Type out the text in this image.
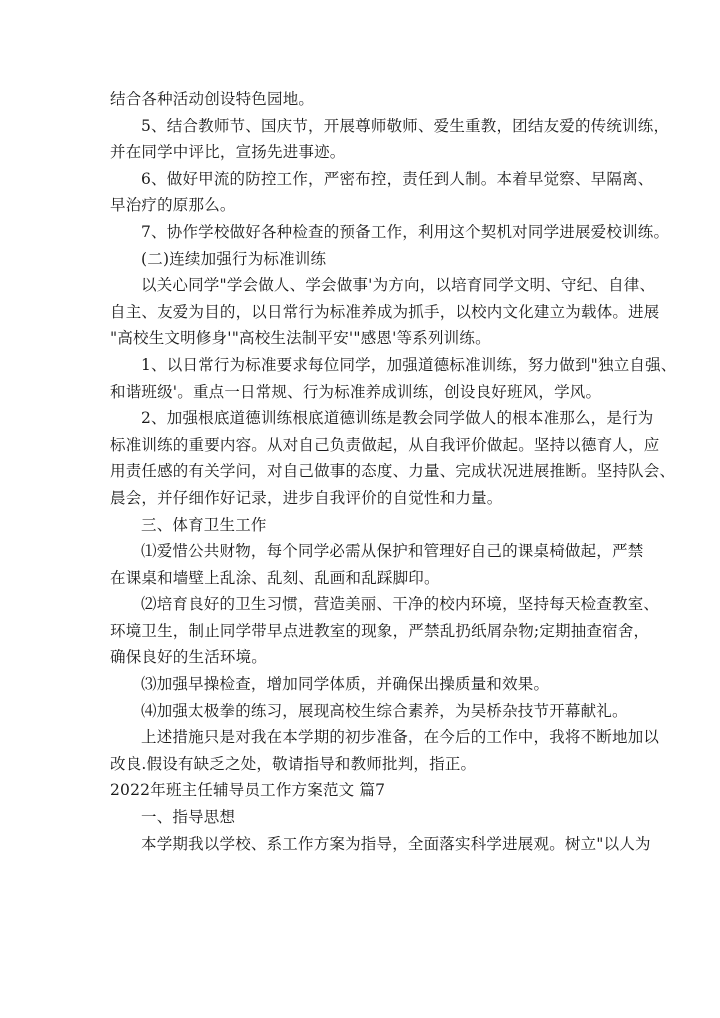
结合各种活动创设特色园地。
5、结合教师节、国庆节，开展尊师敬师、爱生重教，团结友爱的传统训练，
并在同学中评比，宣扬先进事迹。
6、做好甲流的防控工作，严密布控，责任到人制。本着早觉察、早隔离、
早治疗的原那么。
7、协作学校做好各种检查的预备工作，利用这个契机对同学进展爱校训练。
(二)连续加强行为标准训练
以关心同学"学会做人、学会做事'为方向，以培育同学文明、守纪、自律、
自主、友爱为目的，以日常行为标准养成为抓手，以校内文化建立为载体。进展
"高校生文明修身'"高校生法制平安'"感恩'等系列训练。
1、以日常行为标准要求每位同学，加强道德标准训练，努力做到"独立自强、
和谐班级'。重点一日常规、行为标准养成训练，创设良好班风，学风。
2、加强根底道德训练根底道德训练是教会同学做人的根本准那么，是行为
标准训练的重要内容。从对自己负责做起，从自我评价做起。坚持以德育人，应
用责任感的有关学问，对自己做事的态度、力量、完成状况进展推断。坚持队会、
晨会，并仔细作好记录，进步自我评价的自觉性和力量。
三、体育卫生工作
⑴爱惜公共财物，每个同学必需从保护和管理好自己的课桌椅做起，严禁
在课桌和墙壁上乱涂、乱刻、乱画和乱踩脚印。
⑵培育良好的卫生习惯，营造美丽、干净的校内环境，坚持每天检查教室、
环境卫生，制止同学带早点进教室的现象，严禁乱扔纸屑杂物;定期抽查宿舍，
确保良好的生活环境。
⑶加强早操检查，增加同学体质，并确保出操质量和效果。
⑷加强太极拳的练习，展现高校生综合素养，为吴桥杂技节开幕献礼。
上述措施只是对我在本学期的初步准备，在今后的工作中，我将不断地加以
改良.假设有缺乏之处，敬请指导和教师批判，指正。
2022年班主任辅导员工作方案范文 篇7
一、指导思想
本学期我以学校、系工作方案为指导，全面落实科学进展观。树立"以人为
